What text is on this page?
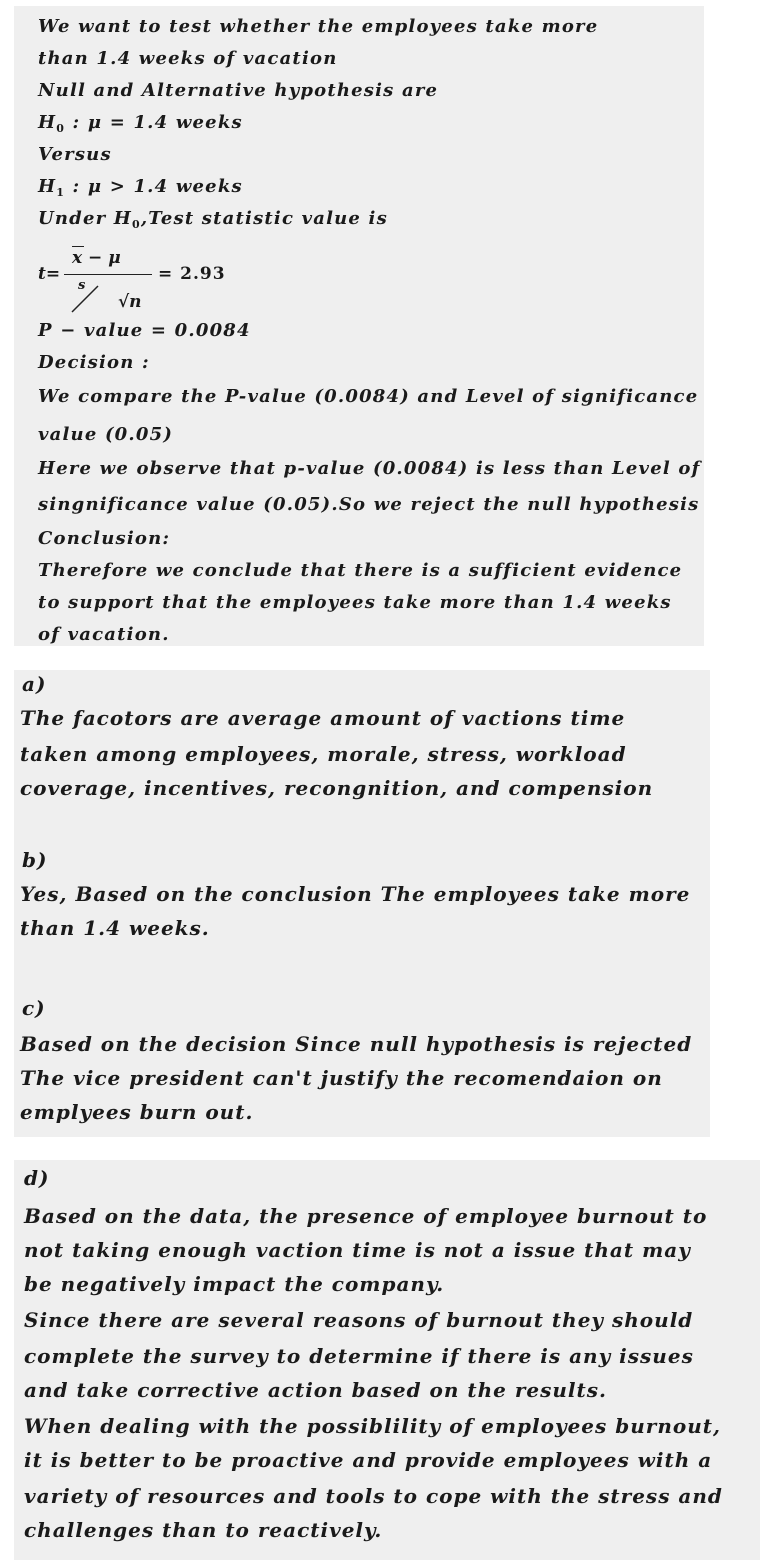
We want to test whether the employees take more

than 1.4 weeks of vacation

Null and Alternative hypothesis are

$H_0$ : μ = 1.4 weeks

Versus

$H_1$ : μ > 1.4 weeks

Under $H_0,Test$ statistic value is

t=
x − μ
= 2.93
s
√n

P − value = 0.0084

Decision :

We compare the P-value (0.0084) and Level of significance

value (0.05)

Here we observe that p-value (0.0084) is less than Level of

singnificance value (0.05).So we reject the null hypothesis

Conclusion:

Therefore we conclude that there is a sufficient evidence

to support that the employees take more than 1.4 weeks

of vacation.

a)

The facotors are average amount of vactions time

taken among employees, morale, stress, workload

coverage, incentives, recongnition, and compension

b)

Yes, Based on the conclusion The employees take more

than 1.4 weeks.

c)

Based on the decision Since null hypothesis is rejected

The vice president can't justify the recomendaion on

emplyees burn out.

d)

Based on the data, the presence of employee burnout to

not taking enough vaction time is not a issue that may

be negatively impact the company.

Since there are several reasons of burnout they should

complete the survey to determine if there is any issues

and take corrective action based on the results.

When dealing with the possiblility of employees burnout,

it is better to be proactive and provide employees with a

variety of resources and tools to cope with the stress and

challenges than to reactively.
